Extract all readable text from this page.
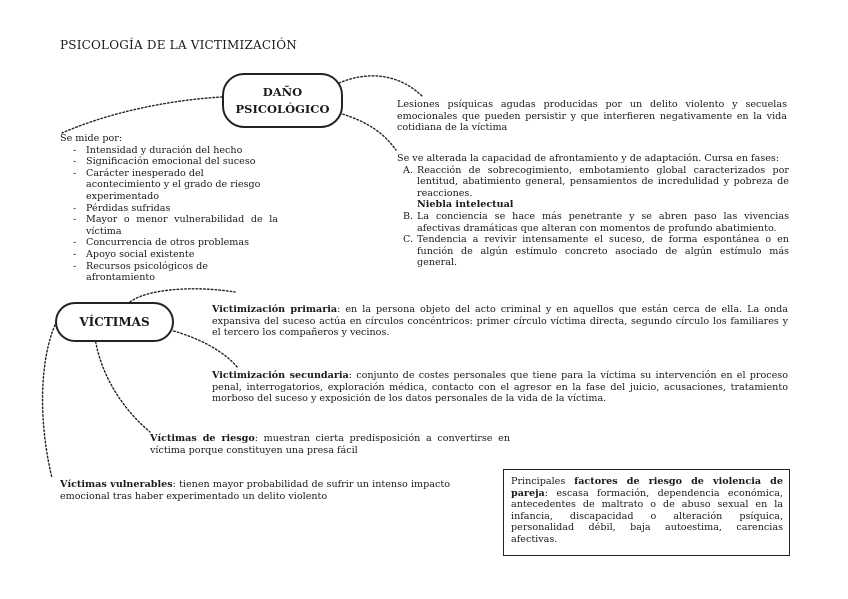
PSICOLOGÍA DE LA VICTIMIZACIÓN
DAÑO
PSICOLÓGICO	Lesiones psíquicas agudas producidas por un delito violento y secuelas emocionales que pueden persistir y que interfieren negativamente en la vida cotidiana de la víctima
Se mide por:
- Intensidad y duración del hecho
- Significación emocional del suceso
- Carácter inesperado del acontecimiento y el grado de riesgo experimentado
- Pérdidas sufridas
- Mayor o menor vulnerabilidad de la víctima
- Concurrencia de otros problemas
- Apoyo social existente
- Recursos psicológicos de afrontamiento
Se ve alterada la capacidad de afrontamiento y de adaptación. Cursa en fases:
A. Reacción de sobrecogimiento, embotamiento global caracterizados por lentitud, abatimiento general, pensamientos de incredulidad y pobreza de reacciones.
Niebla intelectual
B. La conciencia se hace más penetrante y se abren paso las vivencias afectivas dramáticas que alteran con momentos de profundo abatimiento.
C. Tendencia a revivir intensamente el suceso, de forma espontánea o en función de algún estímulo concreto asociado de algún estímulo más general.
VÍCTIMAS
Victimización primaria: en la persona objeto del acto criminal y en aquellos que están cerca de ella. La onda expansiva del suceso actúa en círculos concéntricos: primer círculo víctima directa, segundo círculo los familiares y el tercero los compañeros y vecinos.
Victimización secundaria: conjunto de costes personales que tiene para la víctima su intervención en el proceso penal, interrogatorios, exploración médica, contacto con el agresor en la fase del juicio, acusaciones, tratamiento morboso del suceso y exposición de los datos personales de la vida de la víctima.
Víctimas de riesgo: muestran cierta predisposición a convertirse en víctima porque constituyen una presa fácil
Víctimas vulnerables: tienen mayor probabilidad de sufrir un intenso impacto emocional tras haber experimentado un delito violento
Principales factores de riesgo de violencia de pareja: escasa formación, dependencia económica, antecedentes de maltrato o de abuso sexual en la infancia, discapacidad o alteración psíquica, personalidad débil, baja autoestima, carencias afectivas.
